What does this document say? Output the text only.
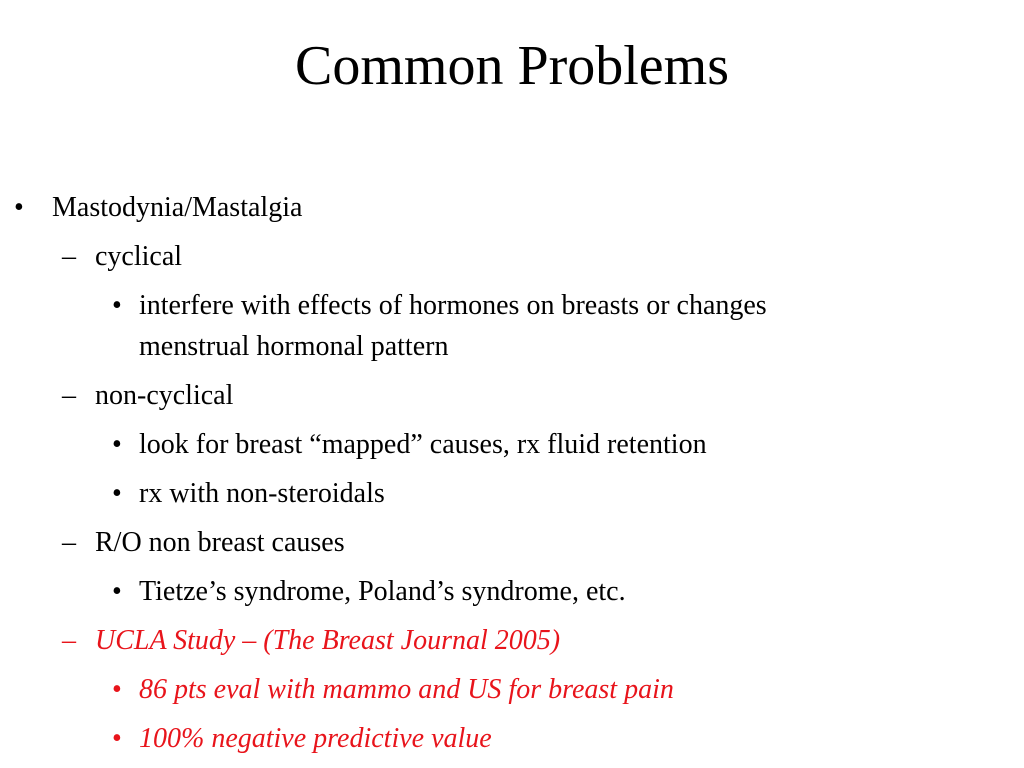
Common Problems
• Mastodynia/Mastalgia
– cyclical
• interfere with effects of hormones on breasts or changes
menstrual hormonal pattern
– non-cyclical
• look for breast “mapped” causes, rx fluid retention
• rx with non-steroidals
– R/O non breast causes
• Tietze’s syndrome, Poland’s syndrome, etc.
– UCLA Study – (The Breast Journal 2005)
• 86 pts eval with mammo and US for breast pain
• 100% negative predictive value
